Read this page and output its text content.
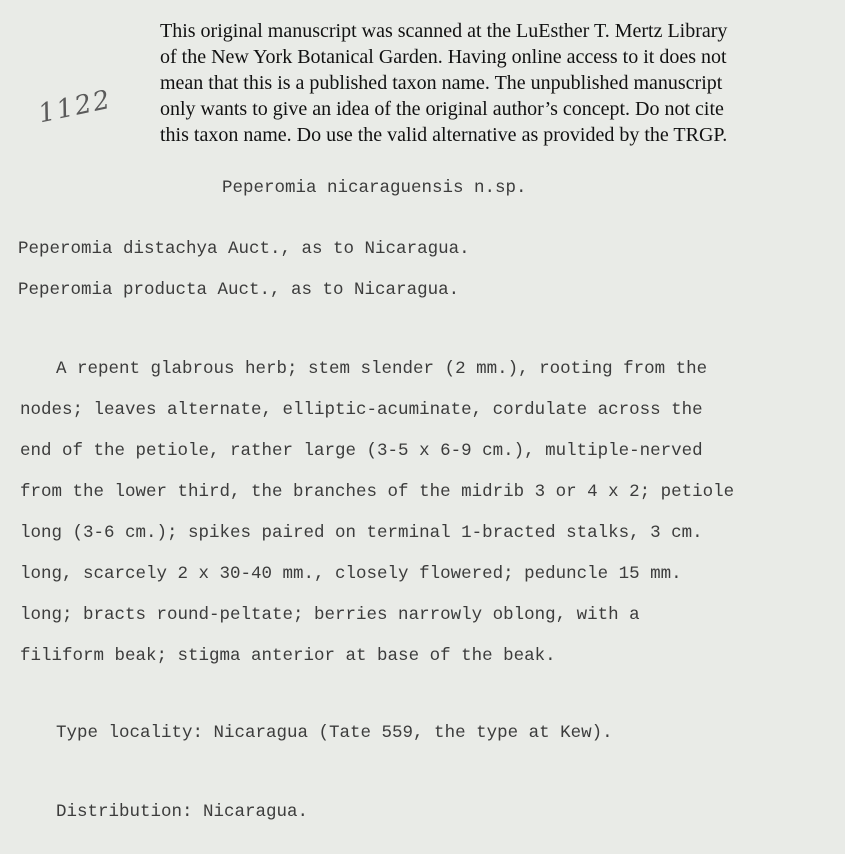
This original manuscript was scanned at the LuEsther T. Mertz Library
of the New York Botanical Garden. Having online access to it does not
mean that this is a published taxon name. The unpublished manuscript
only wants to give an idea of the original author’s concept. Do not cite
this taxon name. Do use the valid alternative as provided by the TRGP.
1122
Peperomia nicaraguensis n.sp.
Peperomia distachya Auct., as to Nicaragua.
Peperomia producta Auct., as to Nicaragua.
A repent glabrous herb; stem slender (2 mm.), rooting from the
nodes; leaves alternate, elliptic-acuminate, cordulate across the
end of the petiole, rather large (3-5 x 6-9 cm.), multiple-nerved
from the lower third, the branches of the midrib 3 or 4 x 2; petiole
long (3-6 cm.); spikes paired on terminal 1-bracted stalks, 3 cm.
long, scarcely 2 x 30-40 mm., closely flowered; peduncle 15 mm.
long; bracts round-peltate; berries narrowly oblong, with a
filiform beak; stigma anterior at base of the beak.
Type locality: Nicaragua (Tate 559, the type at Kew).
Distribution: Nicaragua.
